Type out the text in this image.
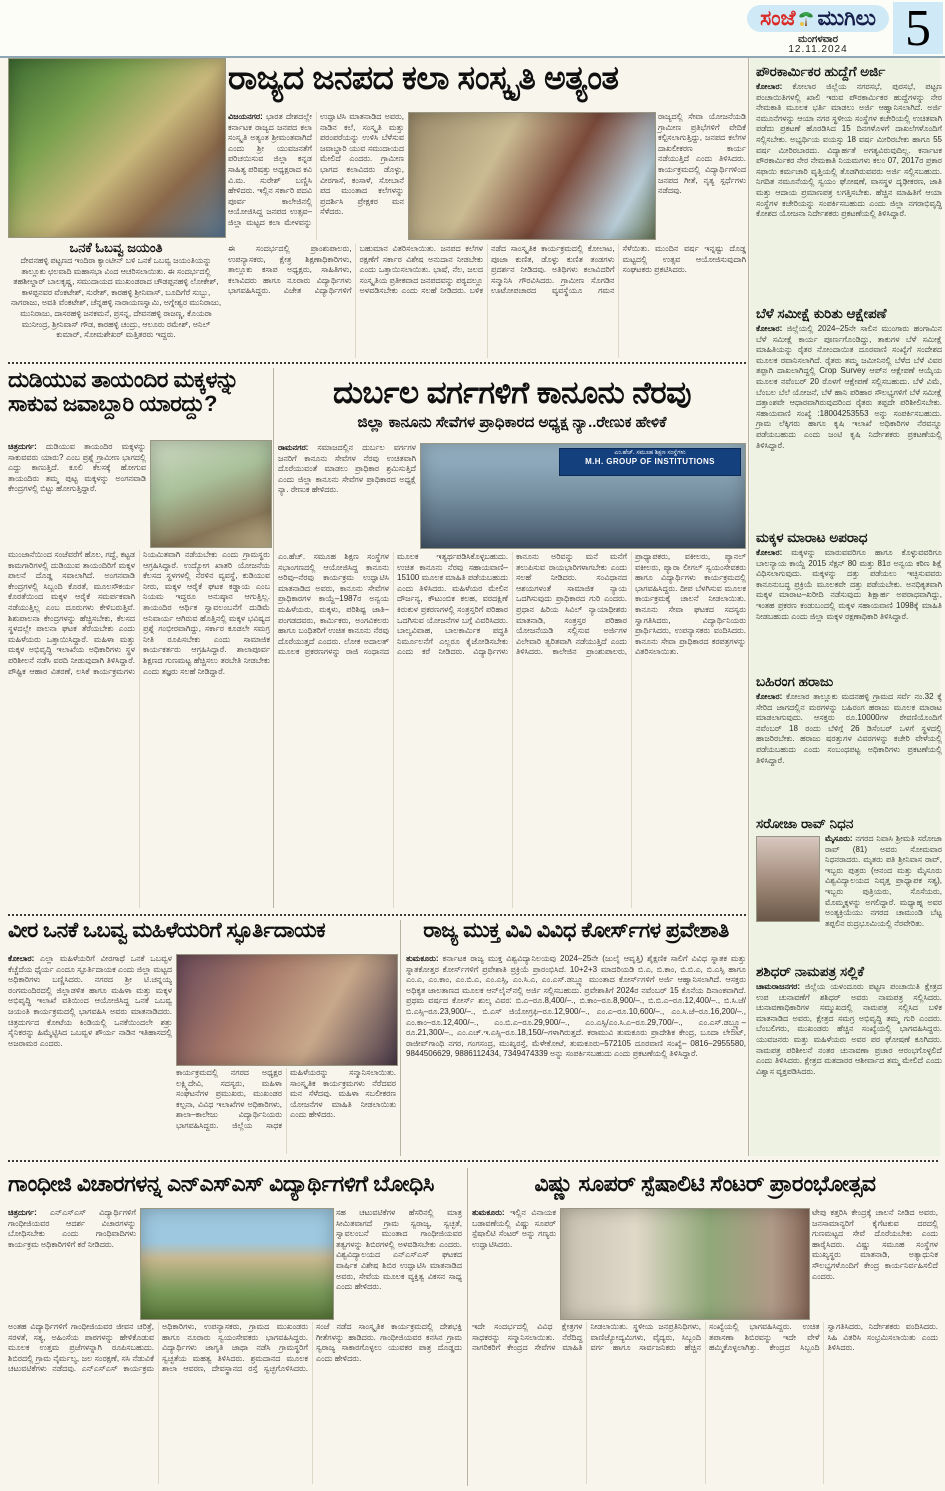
ಸಂಜೆ ಮುಗಿಲು
ಮಂಗಳವಾರ
12.11.2024	5
ಒನಕೆ ಓಬವ್ವ ಜಯಂತಿ
ದೇವನಹಳ್ಳಿ ಪಟ್ಟಣದ ಇಂದಿರಾ ಕ್ಯಾಂಟೀನ್ ಬಳಿ ಒನಕೆ ಒಬವ್ವ ಜಯಂತಿಯನ್ನು ತಾಲ್ಲೂಕು ಛಲವಾದಿ ಮಹಾಸಭಾ ವಿಂದ ಆಚರಿಸಲಾಯಿತು. ಈ ಸಂದರ್ಭದಲ್ಲಿ ತಹಶೀಲ್ದಾರ್ ಬಾಲಕೃಷ್ಣ, ಸಮುದಾಯದ ಮುಖಂಡರಾದ ಚೌಡಪ್ಪನಹಳ್ಳಿ ಲೋಕೇಶ್, ಕಾಳಪ್ಪನವರ ವೆಂಕಟೇಶ್, ಸುರೇಶ್, ಕಾರಹಳ್ಳಿ ಶ್ರೀನಿವಾಸ್, ಬೂದಿಗೆರೆ ಸುಬ್ಬು, ನಾಗರಾಜು, ಅವತಿ ವೆಂಕಟೇಶ್, ಚೆನ್ನಹಳ್ಳಿ ನಾರಾಯಣಸ್ವಾಮಿ, ಅಗ್ನೇಶ್ವರ ಮುನಿರಾಜು, ಮುನಿರಾಜು, ದಾಸರಹಳ್ಳಿ ಜನಕಮನೆ, ಪ್ರಸನ್ನ, ದೇವನಹಳ್ಳಿ ರಾಜಣ್ಣ, ಕೊಯರಾ ಮುನೀಂದ್ರ, ಶ್ರೀನಿವಾಸ್ ಗೌಡ, ಕಾರಹಳ್ಳಿ ಚಂದ್ರು, ಆಲೂರು ರಮೇಶ್, ಅನಿಲ್ ಕುಮಾರ್, ಸೋಮಶೇಖರ್ ಮತ್ತಿತರರು ಇದ್ದರು.
ರಾಜ್ಯದ ಜನಪದ ಕಲಾ ಸಂಸ್ಕೃತಿ ಅತ್ಯಂತ
ವಿಜಯನಗರ: ಭಾರತ ದೇಶದಲ್ಲೇ ಕರ್ನಾಟಕ ರಾಜ್ಯದ ಜನಪದ ಕಲಾ ಸಂಸ್ಕೃತಿ ಅತ್ಯಂತ ಶ್ರೀಮಂತವಾಗಿದೆ ಎಂದು ಶ್ರೀ ಯುವಜನತೆಗೆ ಪರಿಚಯಿಸುವ ಜಿಲ್ಲಾ ಕನ್ನಡ ಸಾಹಿತ್ಯ ಪರಿಷತ್ತು ಅಧ್ಯಕ್ಷರಾದ ಕವಿ ವಿ.ಮ. ಸುರೇಶ್ ಬಣ್ಣಿಸಿ ಹೇಳಿದರು. ಇಲ್ಲಿನ ಸರ್ಕಾರಿ ಪದವಿ ಪೂರ್ವ ಕಾಲೇಜಿನಲ್ಲಿ ಆಯೋಜಿಸಿದ್ದ ಜನಪದ ಉತ್ಸವ–ಜಿಲ್ಲಾ ಮಟ್ಟದ ಕಲಾ ಮೇಳವನ್ನು ಉದ್ಘಾಟಿಸಿ ಮಾತನಾಡಿದ ಅವರು, ನಾಡಿನ ಕಲೆ, ಸಂಸ್ಕೃತಿ ಮತ್ತು ಪರಂಪರೆಯನ್ನು ಉಳಿಸಿ ಬೆಳೆಸುವ ಜವಾಬ್ದಾರಿ ಯುವ ಸಮುದಾಯದ ಮೇಲಿದೆ ಎಂದರು. ಗ್ರಾಮೀಣ ಭಾಗದ ಕಲಾವಿದರು ಡೊಳ್ಳು, ವೀರಗಾಸೆ, ಕಂಸಾಳೆ, ಸೋಬಾನೆ ಪದ ಮುಂತಾದ ಕಲೆಗಳನ್ನು ಪ್ರದರ್ಶಿಸಿ ಪ್ರೇಕ್ಷಕರ ಮನ ಸೆಳೆದರು.
ರಾಜ್ಯದಲ್ಲಿ ಸೇವಾ ಯೋಜನೆಯಡಿ ಗ್ರಾಮೀಣ ಪ್ರತಿಭೆಗಳಿಗೆ ವೇದಿಕೆ ಕಲ್ಪಿಸಲಾಗುತ್ತಿದ್ದು, ಜನಪದ ಕಲೆಗಳ ದಾಖಲೀಕರಣ ಕಾರ್ಯ ನಡೆಯುತ್ತಿದೆ ಎಂದು ತಿಳಿಸಿದರು. ಕಾರ್ಯಕ್ರಮದಲ್ಲಿ ವಿದ್ಯಾರ್ಥಿಗಳಿಂದ ಜನಪದ ಗೀತೆ, ನೃತ್ಯ ಸ್ಪರ್ಧೆಗಳು ನಡೆದವು.
ಈ ಸಂದರ್ಭದಲ್ಲಿ ಪ್ರಾಂಶುಪಾಲರು, ಉಪನ್ಯಾಸಕರು, ಕ್ಷೇತ್ರ ಶಿಕ್ಷಣಾಧಿಕಾರಿಗಳು, ತಾಲ್ಲೂಕು ಕಸಾಪ ಅಧ್ಯಕ್ಷರು, ಸಾಹಿತಿಗಳು, ಕಲಾವಿದರು ಹಾಗೂ ನೂರಾರು ವಿದ್ಯಾರ್ಥಿಗಳು ಭಾಗವಹಿಸಿದ್ದರು. ವಿಜೇತ ವಿದ್ಯಾರ್ಥಿಗಳಿಗೆ ಬಹುಮಾನ ವಿತರಿಸಲಾಯಿತು. ಜನಪದ ಕಲೆಗಳ ರಕ್ಷಣೆಗೆ ಸರ್ಕಾರ ವಿಶೇಷ ಅನುದಾನ ನೀಡಬೇಕು ಎಂದು ಒತ್ತಾಯಿಸಲಾಯಿತು. ಭಾಷೆ, ನೆಲ, ಜಲದ ಸಂಸ್ಕೃತಿಯ ಪ್ರತೀಕವಾದ ಜನಪದವನ್ನು ಪಠ್ಯದಲ್ಲೂ ಅಳವಡಿಸಬೇಕು ಎಂದು ಸಲಹೆ ನೀಡಿದರು. ಬಳಿಕ ನಡೆದ ಸಾಂಸ್ಕೃತಿಕ ಕಾರ್ಯಕ್ರಮದಲ್ಲಿ ಕೋಲಾಟ, ಪೂಜಾ ಕುಣಿತ, ಡೊಳ್ಳು ಕುಣಿತ ತಂಡಗಳು ಪ್ರದರ್ಶನ ನೀಡಿದವು. ಅತಿಥಿಗಳು ಕಲಾವಿದರಿಗೆ ಸನ್ಮಾನಿಸಿ ಗೌರವಿಸಿದರು. ಗ್ರಾಮೀಣ ಸೊಗಡಿನ ಊಟೋಪಚಾರದ ವ್ಯವಸ್ಥೆಯೂ ಗಮನ ಸೆಳೆಯಿತು. ಮುಂದಿನ ವರ್ಷ ಇನ್ನಷ್ಟು ದೊಡ್ಡ ಮಟ್ಟದಲ್ಲಿ ಉತ್ಸವ ಆಯೋಜಿಸುವುದಾಗಿ ಸಂಘಟಕರು ಪ್ರಕಟಿಸಿದರು.
ದುಡಿಯುವ ತಾಯಂದಿರ ಮಕ್ಕಳನ್ನು ಸಾಕುವ ಜವಾಬ್ದಾರಿ ಯಾರದ್ದು?
ಚಿತ್ರದುರ್ಗ: ದುಡಿಯುವ ತಾಯಂದಿರ ಮಕ್ಕಳನ್ನು ಸಾಕುವವರು ಯಾರು? ಎಂಬ ಪ್ರಶ್ನೆ ಗ್ರಾಮೀಣ ಭಾಗದಲ್ಲಿ ಎದ್ದು ಕಾಣುತ್ತಿದೆ. ಕೂಲಿ ಕೆಲಸಕ್ಕೆ ಹೋಗುವ ತಾಯಂದಿರು ತಮ್ಮ ಪುಟ್ಟ ಮಕ್ಕಳನ್ನು ಅಂಗನವಾಡಿ ಕೇಂದ್ರಗಳಲ್ಲಿ ಬಿಟ್ಟು ಹೋಗುತ್ತಿದ್ದಾರೆ.
ಮುಂಜಾನೆಯಿಂದ ಸಂಜೆವರೆಗೆ ಹೊಲ, ಗದ್ದೆ, ಕಟ್ಟಡ ಕಾಮಗಾರಿಗಳಲ್ಲಿ ದುಡಿಯುವ ತಾಯಂದಿರಿಗೆ ಮಕ್ಕಳ ಪಾಲನೆ ದೊಡ್ಡ ಸವಾಲಾಗಿದೆ. ಅಂಗನವಾಡಿ ಕೇಂದ್ರಗಳಲ್ಲಿ ಸಿಬ್ಬಂದಿ ಕೊರತೆ, ಮೂಲಸೌಕರ್ಯ ಕೊರತೆಯಿಂದ ಮಕ್ಕಳ ಆರೈಕೆ ಸಮರ್ಪಕವಾಗಿ ನಡೆಯುತ್ತಿಲ್ಲ ಎಂಬ ದೂರುಗಳು ಕೇಳಿಬರುತ್ತಿವೆ. ಶಿಶುಪಾಲನಾ ಕೇಂದ್ರಗಳನ್ನು ಹೆಚ್ಚಿಸಬೇಕು, ಕೆಲಸದ ಸ್ಥಳದಲ್ಲೇ ಪಾಲನಾ ಘಟಕ ತೆರೆಯಬೇಕು ಎಂದು ಮಹಿಳೆಯರು ಒತ್ತಾಯಿಸಿದ್ದಾರೆ. ಮಹಿಳಾ ಮತ್ತು ಮಕ್ಕಳ ಅಭಿವೃದ್ಧಿ ಇಲಾಖೆಯ ಅಧಿಕಾರಿಗಳು ಸ್ಥಳ ಪರಿಶೀಲನೆ ನಡೆಸಿ ವರದಿ ನೀಡುವುದಾಗಿ ತಿಳಿಸಿದ್ದಾರೆ. ಪೌಷ್ಟಿಕ ಆಹಾರ ವಿತರಣೆ, ಲಸಿಕೆ ಕಾರ್ಯಕ್ರಮಗಳು ನಿಯಮಿತವಾಗಿ ನಡೆಯಬೇಕು ಎಂದು ಗ್ರಾಮಸ್ಥರು ಆಗ್ರಹಿಸಿದ್ದಾರೆ. ಉದ್ಯೋಗ ಖಾತರಿ ಯೋಜನೆಯ ಕೆಲಸದ ಸ್ಥಳಗಳಲ್ಲಿ ನೆರಳಿನ ವ್ಯವಸ್ಥೆ, ಕುಡಿಯುವ ನೀರು, ಮಕ್ಕಳ ಆರೈಕೆ ಘಟಕ ಕಡ್ಡಾಯ ಎಂಬ ನಿಯಮ ಇದ್ದರೂ ಅನುಷ್ಠಾನ ಆಗುತ್ತಿಲ್ಲ. ತಾಯಂದಿರ ಆರ್ಥಿಕ ಸ್ವಾವಲಂಬನೆಗೆ ದುಡಿಮೆ ಅನಿವಾರ್ಯ ಆಗಿರುವ ಹೊತ್ತಿನಲ್ಲಿ ಮಕ್ಕಳ ಭವಿಷ್ಯದ ಪ್ರಶ್ನೆ ಗಂಭೀರವಾಗಿದ್ದು, ಸರ್ಕಾರ ಕೂಡಲೇ ಸಮಗ್ರ ನೀತಿ ರೂಪಿಸಬೇಕು ಎಂದು ಸಾಮಾಜಿಕ ಕಾರ್ಯಕರ್ತರು ಆಗ್ರಹಿಸಿದ್ದಾರೆ. ಶಾಲಾಪೂರ್ವ ಶಿಕ್ಷಣದ ಗುಣಮಟ್ಟ ಹೆಚ್ಚಿಸಲು ತರಬೇತಿ ನೀಡಬೇಕು ಎಂದು ತಜ್ಞರು ಸಲಹೆ ನೀಡಿದ್ದಾರೆ.
ದುರ್ಬಲ ವರ್ಗಗಳಿಗೆ ಕಾನೂನು ನೆರವು
ಜಿಲ್ಲಾ ಕಾನೂನು ಸೇವೆಗಳ ಪ್ರಾಧಿಕಾರದ ಅಧ್ಯಕ್ಷ ನ್ಯಾ..ರೇಣುಕ ಹೇಳಿಕೆ
ರಾಮನಗರ: ಸಮಾಜದಲ್ಲಿನ ದುರ್ಬಲ ವರ್ಗಗಳ ಜನರಿಗೆ ಕಾನೂನು ಸೇವೆಗಳ ನೆರವು ಉಚಿತವಾಗಿ ದೊರೆಯುವಂತೆ ಮಾಡಲು ಪ್ರಾಧಿಕಾರ ಶ್ರಮಿಸುತ್ತಿದೆ ಎಂದು ಜಿಲ್ಲಾ ಕಾನೂನು ಸೇವೆಗಳ ಪ್ರಾಧಿಕಾರದ ಅಧ್ಯಕ್ಷೆ ನ್ಯಾ. ರೇಣುಕ ಹೇಳಿದರು.
ಎಂ.ಹೆಚ್. ಸಮೂಹ ಶಿಕ್ಷಣ ಸಂಸ್ಥೆಗಳು
M.H. GROUP OF INSTITUTIONS
ಎಂ.ಹೆಚ್. ಸಮೂಹ ಶಿಕ್ಷಣ ಸಂಸ್ಥೆಗಳ ಸಭಾಂಗಣದಲ್ಲಿ ಆಯೋಜಿಸಿದ್ದ ಕಾನೂನು ಅರಿವು–ನೆರವು ಕಾರ್ಯಕ್ರಮ ಉದ್ಘಾಟಿಸಿ ಮಾತನಾಡಿದ ಅವರು, ಕಾನೂನು ಸೇವೆಗಳ ಪ್ರಾಧಿಕಾರಗಳ ಕಾಯ್ದೆ–1987ರ ಅನ್ವಯ ಮಹಿಳೆಯರು, ಮಕ್ಕಳು, ಪರಿಶಿಷ್ಟ ಜಾತಿ–ಪಂಗಡದವರು, ಕಾರ್ಮಿಕರು, ಅಂಗವಿಕಲರು ಹಾಗೂ ಬಂಧಿತರಿಗೆ ಉಚಿತ ಕಾನೂನು ನೆರವು ದೊರೆಯುತ್ತದೆ ಎಂದರು. ಲೋಕ ಅದಾಲತ್ ಮೂಲಕ ಪ್ರಕರಣಗಳನ್ನು ರಾಜಿ ಸಂಧಾನದ ಮೂಲಕ ಇತ್ಯರ್ಥಪಡಿಸಿಕೊಳ್ಳಬಹುದು. ಉಚಿತ ಕಾನೂನು ನೆರವು ಸಹಾಯವಾಣಿ–15100 ಮೂಲಕ ಮಾಹಿತಿ ಪಡೆಯಬಹುದು ಎಂದು ತಿಳಿಸಿದರು. ಮಹಿಳೆಯರ ಮೇಲಿನ ದೌರ್ಜನ್ಯ, ಕೌಟುಂಬಿಕ ಕಲಹ, ವರದಕ್ಷಿಣೆ ಕಿರುಕುಳ ಪ್ರಕರಣಗಳಲ್ಲಿ ಸಂತ್ರಸ್ತರಿಗೆ ಪರಿಹಾರ ಒದಗಿಸುವ ಯೋಜನೆಗಳ ಬಗ್ಗೆ ವಿವರಿಸಿದರು. ಬಾಲ್ಯವಿವಾಹ, ಬಾಲಕಾರ್ಮಿಕ ಪದ್ಧತಿ ನಿರ್ಮೂಲನೆಗೆ ಎಲ್ಲರೂ ಕೈಜೋಡಿಸಬೇಕು ಎಂದು ಕರೆ ನೀಡಿದರು. ವಿದ್ಯಾರ್ಥಿಗಳು ಕಾನೂನು ಅರಿವನ್ನು ಮನೆ ಮನೆಗೆ ತಲುಪಿಸುವ ರಾಯಭಾರಿಗಳಾಗಬೇಕು ಎಂದು ಸಲಹೆ ನೀಡಿದರು. ಸಂವಿಧಾನದ ಆಶಯಗಳಂತೆ ಸಾಮಾಜಿಕ ನ್ಯಾಯ ಒದಗಿಸುವುದು ಪ್ರಾಧಿಕಾರದ ಗುರಿ ಎಂದರು. ಪ್ರಧಾನ ಹಿರಿಯ ಸಿವಿಲ್ ನ್ಯಾಯಾಧೀಶರು ಮಾತನಾಡಿ, ಸಂತ್ರಸ್ತರ ಪರಿಹಾರ ಯೋಜನೆಯಡಿ ಸಲ್ಲಿಸುವ ಅರ್ಜಿಗಳ ವಿಲೇವಾರಿ ತ್ವರಿತವಾಗಿ ನಡೆಯುತ್ತಿದೆ ಎಂದು ತಿಳಿಸಿದರು. ಕಾಲೇಜಿನ ಪ್ರಾಂಶುಪಾಲರು, ಪ್ರಾಧ್ಯಾಪಕರು, ವಕೀಲರು, ಪ್ಯಾನಲ್ ವಕೀಲರು, ಪ್ಯಾರಾ ಲೀಗಲ್ ಸ್ವಯಂಸೇವಕರು ಹಾಗೂ ವಿದ್ಯಾರ್ಥಿಗಳು ಕಾರ್ಯಕ್ರಮದಲ್ಲಿ ಭಾಗವಹಿಸಿದ್ದರು. ದೀಪ ಬೆಳಗಿಸುವ ಮೂಲಕ ಕಾರ್ಯಕ್ರಮಕ್ಕೆ ಚಾಲನೆ ನೀಡಲಾಯಿತು. ಕಾನೂನು ಸೇವಾ ಘಟಕದ ಸದಸ್ಯರು ಸ್ವಾಗತಿಸಿದರು, ವಿದ್ಯಾರ್ಥಿನಿಯರು ಪ್ರಾರ್ಥಿಸಿದರು, ಉಪನ್ಯಾಸಕರು ವಂದಿಸಿದರು. ಕಾನೂನು ಸೇವಾ ಪ್ರಾಧಿಕಾರದ ಕರಪತ್ರಗಳನ್ನು ವಿತರಿಸಲಾಯಿತು.
ವೀರ ಒನಕೆ ಒಬವ್ವ ಮಹಿಳೆಯರಿಗೆ ಸ್ಫೂರ್ತಿದಾಯಕ
ಕೋಲಾರ: ಎಲ್ಲಾ ಮಹಿಳೆಯರಿಗೆ ವೀರಗಾಥೆ ಒನಕೆ ಒಬವ್ವಳ ಕೆಚ್ಚೆದೆಯ ಧೈರ್ಯ ಎಂದೂ ಸ್ಫೂರ್ತಿದಾಯಕ ಎಂದು ಜಿಲ್ಲಾ ಮಟ್ಟದ ಅಧಿಕಾರಿಗಳು ಬಣ್ಣಿಸಿದರು. ನಗರದ ಶ್ರೀ ಟಿ.ಚನ್ನಯ್ಯ ರಂಗಮಂದಿರದಲ್ಲಿ ಜಿಲ್ಲಾಡಳಿತ ಹಾಗೂ ಮಹಿಳಾ ಮತ್ತು ಮಕ್ಕಳ ಅಭಿವೃದ್ಧಿ ಇಲಾಖೆ ವತಿಯಿಂದ ಆಯೋಜಿಸಿದ್ದ ಒನಕೆ ಒಬವ್ವ ಜಯಂತಿ ಕಾರ್ಯಕ್ರಮದಲ್ಲಿ ಭಾಗವಹಿಸಿ ಅವರು ಮಾತನಾಡಿದರು. ಚಿತ್ರದುರ್ಗದ ಕೋಟೆಯ ಕಿಂಡಿಯಲ್ಲಿ ಒನಕೆಯಿಂದಲೇ ಶತ್ರು ಸೈನಿಕರನ್ನು ಹಿಮ್ಮೆಟ್ಟಿಸಿದ ಒಬವ್ವಳ ಶೌರ್ಯ ನಾಡಿನ ಇತಿಹಾಸದಲ್ಲಿ ಅಜರಾಮರ ಎಂದರು.
ಕಾರ್ಯಕ್ರಮದಲ್ಲಿ ನಗರದ ಅಧ್ಯಕ್ಷರ ಲಕ್ಷ್ಮಿದೇವಿ, ಸದಸ್ಯರು, ಮಹಿಳಾ ಸಂಘಟನೆಗಳ ಪ್ರಮುಖರು, ಮುಖಂಡರ ಕಲ್ಪನಾ, ವಿವಿಧ ಇಲಾಖೆಗಳ ಅಧಿಕಾರಿಗಳು, ಶಾಲಾ–ಕಾಲೇಜು ವಿದ್ಯಾರ್ಥಿನಿಯರು ಭಾಗವಹಿಸಿದ್ದರು. ಜಿಲ್ಲೆಯ ಸಾಧಕ ಮಹಿಳೆಯರನ್ನು ಸನ್ಮಾನಿಸಲಾಯಿತು. ಸಾಂಸ್ಕೃತಿಕ ಕಾರ್ಯಕ್ರಮಗಳು ನೆರೆದವರ ಮನ ಸೆಳೆದವು. ಮಹಿಳಾ ಸಬಲೀಕರಣ ಯೋಜನೆಗಳ ಮಾಹಿತಿ ನೀಡಲಾಯಿತು ಎಂದು ಹೇಳಿದರು.
ರಾಜ್ಯ ಮುಕ್ತ ವಿವಿ ವಿವಿಧ ಕೋರ್ಸ್‌ಗಳ ಪ್ರವೇಶಾತಿ
ತುಮಕೂರು: ಕರ್ನಾಟಕ ರಾಜ್ಯ ಮುಕ್ತ ವಿಶ್ವವಿದ್ಯಾನಿಲಯವು 2024–25ನೇ (ಜುಲೈ ಆವೃತ್ತಿ) ಶೈಕ್ಷಣಿಕ ಸಾಲಿಗೆ ವಿವಿಧ ಸ್ನಾತಕ ಮತ್ತು ಸ್ನಾತಕೋತ್ತರ ಕೋರ್ಸ್‌ಗಳಿಗೆ ಪ್ರವೇಶಾತಿ ಪ್ರಕ್ರಿಯೆ ಪ್ರಾರಂಭಿಸಿದೆ. 10+2+3 ಮಾದರಿಯಡಿ ಬಿ.ಎ, ಬಿ.ಕಾಂ, ಬಿ.ಬಿ.ಎ, ಬಿ.ಎಸ್ಸಿ ಹಾಗೂ ಎಂ.ಎ, ಎಂ.ಕಾಂ, ಎಂ.ಬಿ.ಎ, ಎಂ.ಎಸ್ಸಿ, ಎಂ.ಸಿ.ಎ, ಎಂ.ಎಸ್.ಡಬ್ಲ್ಯೂ ಮುಂತಾದ ಕೋರ್ಸ್‌ಗಳಿಗೆ ಅರ್ಜಿ ಆಹ್ವಾನಿಸಲಾಗಿದೆ. ಆಸಕ್ತರು ಅಧಿಕೃತ ಜಾಲತಾಣದ ಮೂಲಕ ಆನ್‌ಲೈನ್‌ನಲ್ಲಿ ಅರ್ಜಿ ಸಲ್ಲಿಸಬಹುದು. ಪ್ರವೇಶಾತಿಗೆ 2024ರ ನವೆಂಬರ್ 15 ಕೊನೆಯ ದಿನಾಂಕವಾಗಿದೆ. ಪ್ರಥಮ ವರ್ಷದ ಕೋರ್ಸ್ ಶುಲ್ಕ ವಿವರ: ಬಿ.ಎ–ರೂ.8,400/–., ಬಿ.ಕಾಂ–ರೂ.8,900/–., ಬಿ.ಬಿ.ಎ–ರೂ.12,400/–., ಬಿ.ಸಿ.ಜೆ/ಬಿ.ಎಸ್ಸಿ–ರೂ.23,900/–., ಬಿ.ಎಸ್ ಜಿಯೋಗ್ರಫಿ–ರೂ.12,900/–., ಎಂ.ಎ–ರೂ.10,600/–., ಎಂ.ಸಿ.ಜೆ–ರೂ.16,200/–., ಎಂ.ಕಾಂ–ರೂ.12,400/–., ಎಂ.ಬಿ.ಎ–ರೂ.29,900/–., ಎಂ.ಎಸ್ಸಿ/ಎಂ.ಸಿ.ಎ–ರೂ.29,700/–., ಎಂ.ಎಸ್.ಡಬ್ಲ್ಯೂ–ರೂ.21,300/–., ಎಂ.ಎಚ್.ಇ.ಎಸ್ಸಿ–ರೂ.18,150/–ಗಳಾಗಿರುತ್ತದೆ. ಕರಾಮುವಿ ತುಮಕೂರು ಪ್ರಾದೇಶಿಕ ಕೇಂದ್ರ, ಬೂದಾ ಲೇಔಟ್, ರಾಜೀವ್‌ಗಾಂಧಿ ನಗರ, ಗಂಗಸಂದ್ರ, ಮುಖ್ಯರಸ್ತೆ, ಮೆಳೇಕೋಟೆ, ತುಮಕೂರು–572105 ದೂರವಾಣಿ ಸಂಖ್ಯೆ– 0816–2955580, 9844506629, 9886112434, 7349474339 ಅನ್ನು ಸಂಪರ್ಕಿಸಬಹುದು ಎಂದು ಪ್ರಕಟಣೆಯಲ್ಲಿ ತಿಳಿಸಿದ್ದಾರೆ.
ಗಾಂಧೀಜಿ ವಿಚಾರಗಳನ್ನ ಎನ್‌ಎಸ್‌ಎಸ್ ವಿದ್ಯಾರ್ಥಿಗಳಿಗೆ ಬೋಧಿಸಿ
ಚಿತ್ರದುರ್ಗ: ಎನ್‌ಎಸ್‌ಎಸ್ ವಿದ್ಯಾರ್ಥಿಗಳಿಗೆ ಗಾಂಧೀಜಿಯವರ ಆದರ್ಶ ವಿಚಾರಗಳನ್ನು ಬೋಧಿಸಬೇಕು ಎಂದು ಗಾಂಧಿವಾದಿಗಳು ಕಾರ್ಯಕ್ರಮ ಅಧಿಕಾರಿಗಳಿಗೆ ಕರೆ ನೀಡಿದರು.
ಸಹ ಚಟುವಟಿಕೆಗಳ ಹೆಸರಿನಲ್ಲಿ ಮಾತ್ರ ಸೀಮಿತವಾಗದೆ ಗ್ರಾಮ ಸ್ವರಾಜ್ಯ, ಸ್ವಚ್ಛತೆ, ಸ್ವಾವಲಂಬನೆ ಮುಂತಾದ ಗಾಂಧೀಜಿಯವರ ತತ್ವಗಳನ್ನು ಶಿಬಿರಗಳಲ್ಲಿ ಅಳವಡಿಸಬೇಕು ಎಂದರು. ವಿಶ್ವವಿದ್ಯಾಲಯದ ಎನ್‌ಎಸ್‌ಎಸ್ ಘಟಕದ ವಾರ್ಷಿಕ ವಿಶೇಷ ಶಿಬಿರ ಉದ್ಘಾಟಿಸಿ ಮಾತನಾಡಿದ ಅವರು, ಸೇವೆಯ ಮೂಲಕ ವ್ಯಕ್ತಿತ್ವ ವಿಕಸನ ಸಾಧ್ಯ ಎಂದು ಹೇಳಿದರು.
ಅಂತಹ ವಿದ್ಯಾರ್ಥಿಗಳಿಗೆ ಗಾಂಧೀಜಿಯವರ ಜೀವನ ಚರಿತ್ರೆ, ಸರಳತೆ, ಸತ್ಯ, ಅಹಿಂಸೆಯ ಪಾಠಗಳನ್ನು ಹೇಳಿಕೊಡುವ ಮೂಲಕ ಉತ್ತಮ ಪ್ರಜೆಗಳನ್ನಾಗಿ ರೂಪಿಸಬಹುದು. ಶಿಬಿರದಲ್ಲಿ ಗ್ರಾಮ ನೈರ್ಮಲ್ಯ, ಜಲ ಸಂರಕ್ಷಣೆ, ಸಸಿ ನೆಡುವಿಕೆ ಚಟುವಟಿಕೆಗಳು ನಡೆದವು. ಎನ್‌ಎಸ್‌ಎಸ್ ಕಾರ್ಯಕ್ರಮ ಅಧಿಕಾರಿಗಳು, ಉಪನ್ಯಾಸಕರು, ಗ್ರಾಮದ ಮುಖಂಡರು ಹಾಗೂ ನೂರಾರು ಸ್ವಯಂಸೇವಕರು ಭಾಗವಹಿಸಿದ್ದರು. ವಿದ್ಯಾರ್ಥಿಗಳು ಜಾಗೃತಿ ಜಾಥಾ ನಡೆಸಿ ಗ್ರಾಮಸ್ಥರಿಗೆ ಸ್ವಚ್ಛತೆಯ ಮಹತ್ವ ತಿಳಿಸಿದರು. ಶ್ರಮದಾನದ ಮೂಲಕ ಶಾಲಾ ಆವರಣ, ದೇವಸ್ಥಾನದ ರಸ್ತೆ ಸ್ವಚ್ಛಗೊಳಿಸಿದರು. ಸಂಜೆ ನಡೆದ ಸಾಂಸ್ಕೃತಿಕ ಕಾರ್ಯಕ್ರಮದಲ್ಲಿ ದೇಶಭಕ್ತಿ ಗೀತೆಗಳನ್ನು ಹಾಡಿದರು. ಗಾಂಧೀಜಿಯವರ ಕನಸಿನ ಗ್ರಾಮ ಸ್ವರಾಜ್ಯ ಸಾಕಾರಗೊಳ್ಳಲು ಯುವಕರ ಪಾತ್ರ ದೊಡ್ಡದು ಎಂದು ಹೇಳಿದರು.
ವಿಷ್ಣು ಸೂಪರ್ ಸ್ಪೆಷಾಲಿಟಿ ಸೆಂಟರ್ ಪ್ರಾರಂಭೋತ್ಸವ
ತುಮಕೂರು: ಇಲ್ಲಿನ ವಿನಾಯಕ ಬಡಾವಣೆಯಲ್ಲಿ ವಿಷ್ಣು ಸೂಪರ್ ಸ್ಪೆಷಾಲಿಟಿ ಸೆಂಟರ್ ಅನ್ನು ಗಣ್ಯರು ಉದ್ಘಾಟಿಸಿದರು.
ಟೇಪು ಕತ್ತರಿಸಿ ಕೇಂದ್ರಕ್ಕೆ ಚಾಲನೆ ನೀಡಿದ ಅವರು, ಜನಸಾಮಾನ್ಯರಿಗೆ ಕೈಗೆಟಕುವ ದರದಲ್ಲಿ ಗುಣಮಟ್ಟದ ಸೇವೆ ದೊರೆಯಬೇಕು ಎಂದು ಹಾರೈಸಿದರು. ವಿಷ್ಣು ಸಮೂಹ ಸಂಸ್ಥೆಗಳ ಮುಖ್ಯಸ್ಥರು ಮಾತನಾಡಿ, ಅತ್ಯಾಧುನಿಕ ಸೌಲಭ್ಯಗಳೊಂದಿಗೆ ಕೇಂದ್ರ ಕಾರ್ಯನಿರ್ವಹಿಸಲಿದೆ ಎಂದರು.
ಇದೇ ಸಂದರ್ಭದಲ್ಲಿ ವಿವಿಧ ಕ್ಷೇತ್ರಗಳ ಸಾಧಕರನ್ನು ಸನ್ಮಾನಿಸಲಾಯಿತು. ನೆರೆದಿದ್ದ ನಾಗರಿಕರಿಗೆ ಕೇಂದ್ರದ ಸೇವೆಗಳ ಮಾಹಿತಿ ನೀಡಲಾಯಿತು. ಸ್ಥಳೀಯ ಜನಪ್ರತಿನಿಧಿಗಳು, ವಾಣಿಜ್ಯೋದ್ಯಮಿಗಳು, ವೈದ್ಯರು, ಸಿಬ್ಬಂದಿ ವರ್ಗ ಹಾಗೂ ಸಾರ್ವಜನಿಕರು ಹೆಚ್ಚಿನ ಸಂಖ್ಯೆಯಲ್ಲಿ ಭಾಗವಹಿಸಿದ್ದರು. ಉಚಿತ ತಪಾಸಣಾ ಶಿಬಿರವನ್ನು ಇದೇ ವೇಳೆ ಹಮ್ಮಿಕೊಳ್ಳಲಾಗಿತ್ತು. ಕೇಂದ್ರದ ಸಿಬ್ಬಂದಿ ಸ್ವಾಗತಿಸಿದರು, ನಿರ್ದೇಶಕರು ವಂದಿಸಿದರು. ಸಿಹಿ ವಿತರಿಸಿ ಸಂಭ್ರಮಿಸಲಾಯಿತು ಎಂದು ತಿಳಿಸಿದರು.
ಪೌರಕಾರ್ಮಿಕರ ಹುದ್ದೆಗೆ ಅರ್ಜಿ
ಕೋಲಾರ: ಕೋಲಾರ ಜಿಲ್ಲೆಯ ನಗರಸಭೆ, ಪುರಸಭೆ, ಪಟ್ಟಣ ಪಂಚಾಯಿತಿಗಳಲ್ಲಿ ಖಾಲಿ ಇರುವ ಪೌರಕಾರ್ಮಿಕರ ಹುದ್ದೆಗಳನ್ನು ನೇರ ನೇಮಕಾತಿ ಮೂಲಕ ಭರ್ತಿ ಮಾಡಲು ಅರ್ಜಿ ಆಹ್ವಾನಿಸಲಾಗಿದೆ. ಅರ್ಜಿ ನಮೂನೆಗಳನ್ನು ಆಯಾ ನಗರ ಸ್ಥಳೀಯ ಸಂಸ್ಥೆಗಳ ಕಚೇರಿಯಲ್ಲಿ ಉಚಿತವಾಗಿ ಪಡೆದು ಪ್ರಕಟಣೆ ಹೊರಡಿಸಿದ 15 ದಿನಗಳೊಳಗೆ ದಾಖಲೆಗಳೊಂದಿಗೆ ಸಲ್ಲಿಸಬೇಕು. ಅಭ್ಯರ್ಥಿಯ ವಯಸ್ಸು 18 ವರ್ಷ ಮೀರಿರಬೇಕು ಹಾಗೂ 55 ವರ್ಷ ಮೀರಿರಬಾರದು. ವಿದ್ಯಾರ್ಹತೆ ಅಗತ್ಯವಿರುವುದಿಲ್ಲ. ಕರ್ನಾಟಕ ಪೌರಕಾರ್ಮಿಕರ ನೇರ ನೇಮಕಾತಿ ನಿಯಮಗಳು ಕಲಂ 07, 2017ರ ಪ್ರಕಾರ ಸಫಾಯಿ ಕರ್ಮಚಾರಿ ವೃತ್ತಿಯಲ್ಲಿ ತೊಡಗಿರುವವರು ಅರ್ಜಿ ಸಲ್ಲಿಸಬಹುದು. ನಿಗದಿತ ನಮೂನೆಯಲ್ಲಿ ಸ್ವಯಂ ಘೋಷಣೆ, ವಾಸಸ್ಥಳ ದೃಢೀಕರಣ, ಜಾತಿ ಮತ್ತು ಆದಾಯ ಪ್ರಮಾಣಪತ್ರ ಲಗತ್ತಿಸಬೇಕು. ಹೆಚ್ಚಿನ ಮಾಹಿತಿಗೆ ಆಯಾ ಸಂಸ್ಥೆಗಳ ಕಚೇರಿಯನ್ನು ಸಂಪರ್ಕಿಸಬಹುದು ಎಂದು ಜಿಲ್ಲಾ ನಗರಾಭಿವೃದ್ಧಿ ಕೋಶದ ಯೋಜನಾ ನಿರ್ದೇಶಕರು ಪ್ರಕಟಣೆಯಲ್ಲಿ ತಿಳಿಸಿದ್ದಾರೆ.
ಬೆಳೆ ಸಮೀಕ್ಷೆ ಕುರಿತು ಆಕ್ಷೇಪಣೆ
ಕೋಲಾರ: ಜಿಲ್ಲೆಯಲ್ಲಿ 2024–25ನೇ ಸಾಲಿನ ಮುಂಗಾರು ಹಂಗಾಮಿನ ಬೆಳೆ ಸಮೀಕ್ಷೆ ಕಾರ್ಯ ಪೂರ್ಣಗೊಂಡಿದ್ದು, ತಾಕುಗಳ ಬೆಳೆ ಸಮೀಕ್ಷೆ ಮಾಹಿತಿಯನ್ನು ರೈತರ ನೋಂದಾಯಿತ ದೂರವಾಣಿ ಸಂಖ್ಯೆಗೆ ಸಂದೇಶದ ಮೂಲಕ ರವಾನಿಸಲಾಗಿದೆ. ರೈತರು ತಮ್ಮ ಜಮೀನಿನಲ್ಲಿ ಬೆಳೆದ ಬೆಳೆ ವಿವರ ತಪ್ಪಾಗಿ ದಾಖಲಾಗಿದ್ದಲ್ಲಿ Crop Survey ಆಪ್‌ನ ಆಕ್ಷೇಪಣೆ ಆಯ್ಕೆಯ ಮೂಲಕ ನವೆಂಬರ್ 20 ರೊಳಗೆ ಆಕ್ಷೇಪಣೆ ಸಲ್ಲಿಸಬಹುದು. ಬೆಳೆ ವಿಮೆ, ಬೆಂಬಲ ಬೆಲೆ ಯೋಜನೆ, ಬೆಳೆ ಹಾನಿ ಪರಿಹಾರ ಸೌಲಭ್ಯಗಳಿಗೆ ಬೆಳೆ ಸಮೀಕ್ಷೆ ದತ್ತಾಂಶವೇ ಆಧಾರವಾಗಿರುವುದರಿಂದ ರೈತರು ತಪ್ಪದೇ ಪರಿಶೀಲಿಸಬೇಕು. ಸಹಾಯವಾಣಿ ಸಂಖ್ಯೆ :18004253553 ಅನ್ನು ಸಂಪರ್ಕಿಸಬಹುದು. ಗ್ರಾಮ ಲೆಕ್ಕಿಗರು ಹಾಗೂ ಕೃಷಿ ಇಲಾಖೆ ಅಧಿಕಾರಿಗಳ ನೆರವನ್ನೂ ಪಡೆಯಬಹುದು ಎಂದು ಜಂಟಿ ಕೃಷಿ ನಿರ್ದೇಶಕರು ಪ್ರಕಟಣೆಯಲ್ಲಿ ತಿಳಿಸಿದ್ದಾರೆ.
ಮಕ್ಕಳ ಮಾರಾಟ ಅಪರಾಧ
ಕೋಲಾರ: ಮಕ್ಕಳನ್ನು ಮಾರುವವರಿಗೂ ಹಾಗೂ ಕೊಳ್ಳುವವರಿಗೂ ಬಾಲನ್ಯಾಯ ಕಾಯ್ದೆ 2015 ಸೆಕ್ಷನ್ 80 ಮತ್ತು 81ರ ಅನ್ವಯ ಕಠಿಣ ಶಿಕ್ಷೆ ವಿಧಿಸಲಾಗುವುದು. ಮಕ್ಕಳನ್ನು ದತ್ತು ಪಡೆಯಲು ಇಚ್ಛಿಸುವವರು ಕಾನೂನುಬದ್ಧ ಪ್ರಕ್ರಿಯೆ ಮೂಲಕವೇ ದತ್ತು ಪಡೆಯಬೇಕು. ಅನಧಿಕೃತವಾಗಿ ಮಕ್ಕಳ ಮಾರಾಟ–ಖರೀದಿ ನಡೆಸುವುದು ಶಿಕ್ಷಾರ್ಹ ಅಪರಾಧವಾಗಿದ್ದು, ಇಂತಹ ಪ್ರಕರಣ ಕಂಡುಬಂದಲ್ಲಿ ಮಕ್ಕಳ ಸಹಾಯವಾಣಿ 1098ಕ್ಕೆ ಮಾಹಿತಿ ನೀಡಬಹುದು ಎಂದು ಜಿಲ್ಲಾ ಮಕ್ಕಳ ರಕ್ಷಣಾಧಿಕಾರಿ ತಿಳಿಸಿದ್ದಾರೆ.
ಬಹಿರಂಗ ಹರಾಜು
ಕೋಲಾರ: ಕೋಲಾರ ತಾಲ್ಲೂಕು ಮದನಹಳ್ಳಿ ಗ್ರಾಮದ ಸರ್ವೆ ನಂ.32 ಕ್ಕೆ ಸೇರಿದ ಜಾಗದಲ್ಲಿನ ಮರಗಳನ್ನು ಬಹಿರಂಗ ಹರಾಜು ಮೂಲಕ ಮಾರಾಟ ಮಾಡಲಾಗುವುದು. ಆಸಕ್ತರು ರೂ.10000ಗಳ ಠೇವಣಿಯೊಂದಿಗೆ ನವೆಂಬರ್ 18 ರಂದು ಬೆಳಿಗ್ಗೆ 26 ಡಿಸೆಂಬರ್ ಒಳಗೆ ಸ್ಥಳದಲ್ಲಿ ಹಾಜರಿರಬೇಕು. ಹರಾಜು ಷರತ್ತುಗಳ ವಿವರಗಳನ್ನು ಕಚೇರಿ ವೇಳೆಯಲ್ಲಿ ಪಡೆಯಬಹುದು ಎಂದು ಸಂಬಂಧಪಟ್ಟ ಅಧಿಕಾರಿಗಳು ಪ್ರಕಟಣೆಯಲ್ಲಿ ತಿಳಿಸಿದ್ದಾರೆ.
ಸರೋಜಾ ರಾವ್ ನಿಧನ
ಮೈಸೂರು: ನಗರದ ನಿವಾಸಿ ಶ್ರೀಮತಿ ಸರೋಜಾ ರಾವ್ (81) ಅವರು ಸೋಮವಾರ ನಿಧನರಾದರು. ಮೃತರು ಪತಿ ಶ್ರೀನಿವಾಸ ರಾವ್, ಇಬ್ಬರು ಪುತ್ರರು (ಆನಂದ ಮತ್ತು ಮೈಸೂರು ವಿಶ್ವವಿದ್ಯಾಲಯದ ನಿವೃತ್ತ ಪ್ರಾಧ್ಯಾಪಕ ಸತ್ಯ), ಇಬ್ಬರು ಪುತ್ರಿಯರು, ಸೊಸೆಯರು, ಮೊಮ್ಮಕ್ಕಳನ್ನು ಅಗಲಿದ್ದಾರೆ. ಮಧ್ಯಾಹ್ನ ಅವರ ಅಂತ್ಯಕ್ರಿಯೆಯು ನಗರದ ಚಾಮುಂಡಿ ಬೆಟ್ಟ ತಪ್ಪಲಿನ ರುದ್ರಭೂಮಿಯಲ್ಲಿ ನೆರವೇರಿತು.
ಶಶಿಧರ್ ನಾಮಪತ್ರ ಸಲ್ಲಿಕೆ
ಚಾಮರಾಜನಗರ: ಜಿಲ್ಲೆಯ ಯಳಂದೂರು ಪಟ್ಟಣ ಪಂಚಾಯಿತಿ ಕ್ಷೇತ್ರದ ಉಪ ಚುನಾವಣೆಗೆ ಶಶಿಧರ್ ಅವರು ನಾಮಪತ್ರ ಸಲ್ಲಿಸಿದರು. ಚುನಾವಣಾಧಿಕಾರಿಗಳ ಸಮ್ಮುಖದಲ್ಲಿ ನಾಮಪತ್ರ ಸಲ್ಲಿಸಿದ ಬಳಿಕ ಮಾತನಾಡಿದ ಅವರು, ಕ್ಷೇತ್ರದ ಸಮಗ್ರ ಅಭಿವೃದ್ಧಿ ತಮ್ಮ ಗುರಿ ಎಂದರು. ಬೆಂಬಲಿಗರು, ಮುಖಂಡರು ಹೆಚ್ಚಿನ ಸಂಖ್ಯೆಯಲ್ಲಿ ಭಾಗವಹಿಸಿದ್ದರು. ಯುವಜನರು ಮತ್ತು ಮಹಿಳೆಯರು ಅವರ ಪರ ಘೋಷಣೆ ಕೂಗಿದರು. ನಾಮಪತ್ರ ಪರಿಶೀಲನೆ ನಂತರ ಚುನಾವಣಾ ಪ್ರಚಾರ ಆರಂಭಗೊಳ್ಳಲಿದೆ ಎಂದು ತಿಳಿಸಿದರು. ಕ್ಷೇತ್ರದ ಮತದಾರರ ಆಶೀರ್ವಾದ ತಮ್ಮ ಮೇಲಿದೆ ಎಂದು ವಿಶ್ವಾಸ ವ್ಯಕ್ತಪಡಿಸಿದರು.
